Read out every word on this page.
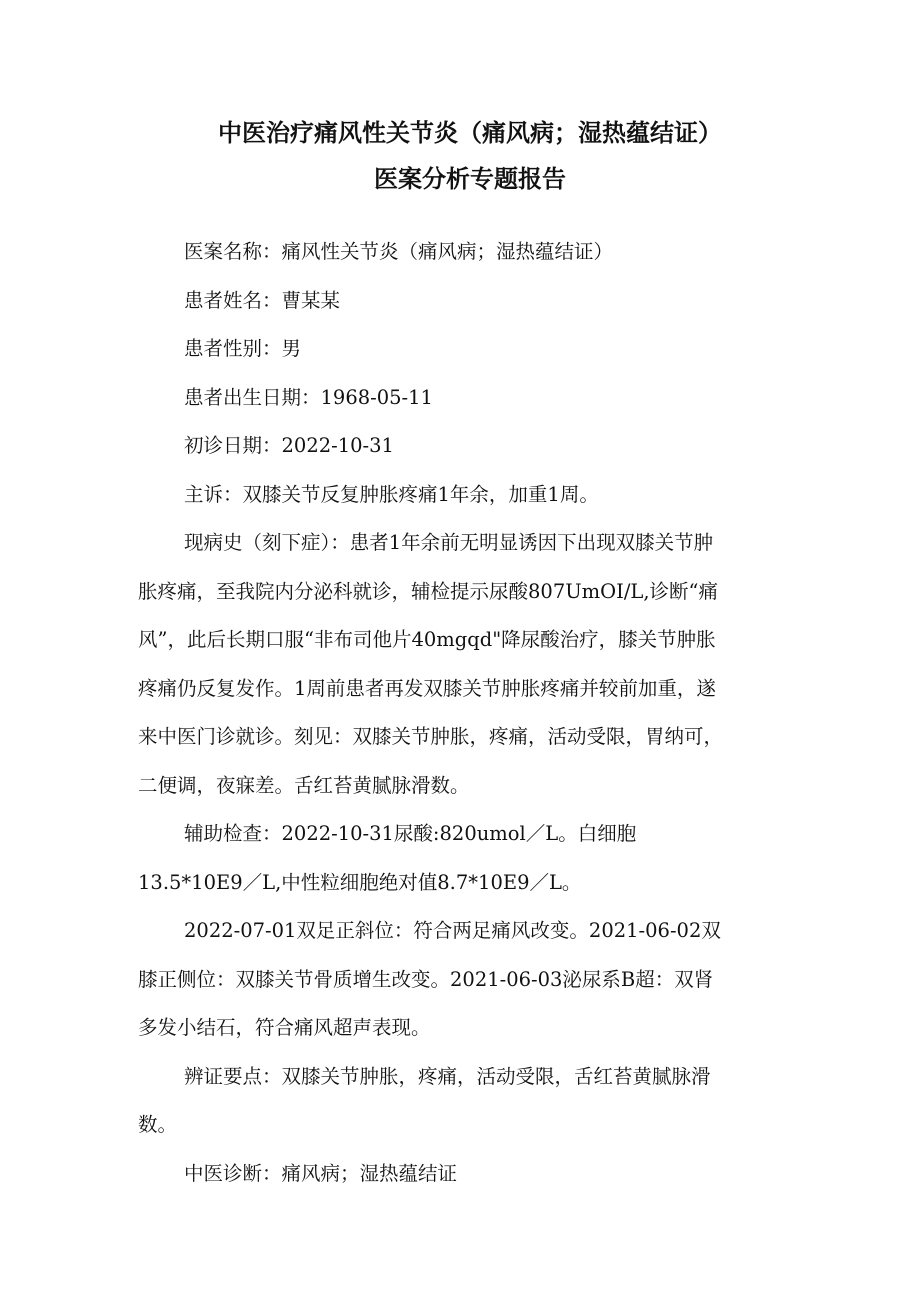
中医治疗痛风性关节炎（痛风病；湿热蕴结证）
医案分析专题报告
医案名称：痛风性关节炎（痛风病；湿热蕴结证）
患者姓名：曹某某
患者性别：男
患者出生日期：1968-05-11
初诊日期：2022-10-31
主诉：双膝关节反复肿胀疼痛1年余，加重1周。
现病史（刻下症）：患者1年余前无明显诱因下出现双膝关节肿
胀疼痛，至我院内分泌科就诊，辅检提示尿酸807UmOI/L,诊断“痛
风”，此后长期口服“非布司他片40mgqd"降尿酸治疗，膝关节肿胀
疼痛仍反复发作。1周前患者再发双膝关节肿胀疼痛并较前加重，遂
来中医门诊就诊。刻见：双膝关节肿胀，疼痛，活动受限，胃纳可，
二便调，夜寐差。舌红苔黄腻脉滑数。
辅助检查：2022-10-31尿酸:820umol／L。白细胞
13.5*10E9／L,中性粒细胞绝对值8.7*10E9／L。
2022-07-01双足正斜位：符合两足痛风改变。2021-06-02双
膝正侧位：双膝关节骨质增生改变。2021-06-03泌尿系B超：双肾
多发小结石，符合痛风超声表现。
辨证要点：双膝关节肿胀，疼痛，活动受限，舌红苔黄腻脉滑
数。
中医诊断：痛风病；湿热蕴结证
